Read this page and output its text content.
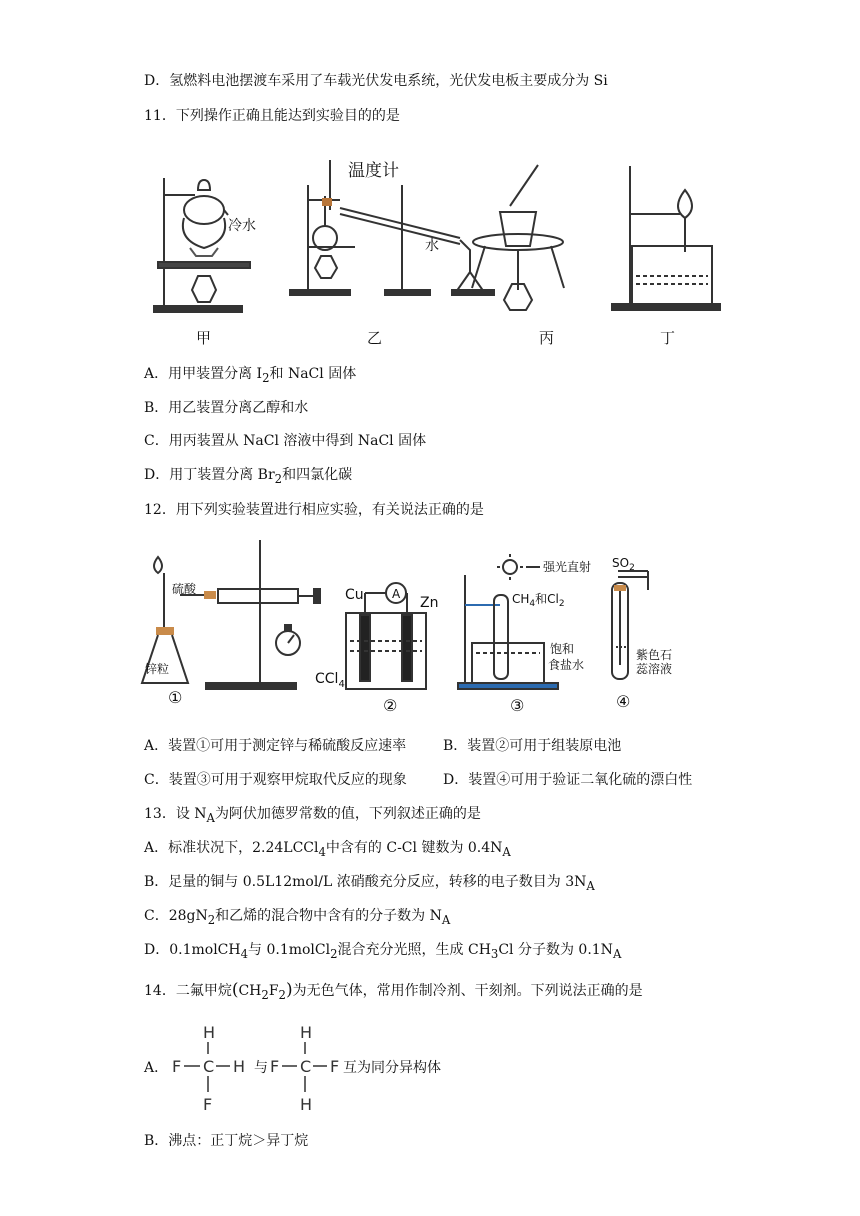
D．氢燃料电池摆渡车采用了车载光伏发电系统，光伏发电板主要成分为 Si
11．下列操作正确且能达到实验目的的是
冷水
温度计
水
甲	乙	丙	丁
A．用甲装置分离 $I_2$和 NaCl 固体
B．用乙装置分离乙醇和水
C．用丙装置从 NaCl 溶液中得到 NaCl 固体
D．用丁装置分离 $Br_2$和四氯化碳
12．用下列实验装置进行相应实验，有关说法正确的是
硫酸
锌粒
①
A
Cu	Zn
CCl$_4$
②
强光直射
$CH_4$和$Cl_2$
饱和
食盐水
③
$SO_2$
紫色石
蕊溶液
④
A．装置①可用于测定锌与稀硫酸反应速率	B．装置②可用于组装原电池
C．装置③可用于观察甲烷取代反应的现象	D．装置④可用于验证二氧化硫的漂白性
13．设 $N_A$为阿伏加德罗常数的值，下列叙述正确的是
A．标准状况下，2.24LCCl$_4$中含有的 C-Cl 键数为 $0.4N_A$
B．足量的铜与 0.5L12mol/L 浓硝酸充分反应，转移的电子数目为 $3N_A$
C．$28gN_2$和乙烯的混合物中含有的分子数为 $N_A$
D．0.1molCH$_4$与 0.1molCl$_2$混合充分光照，生成 $CH_3Cl$ 分子数为 $0.1N_A$
14．二氟甲烷$(CH_2F_2)$为无色气体，常用作制冷剂、干刻剂。下列说法正确的是
A．
H
F C H
F
H
F C F
H
与	互为同分异构体
B．沸点：正丁烷＞异丁烷
